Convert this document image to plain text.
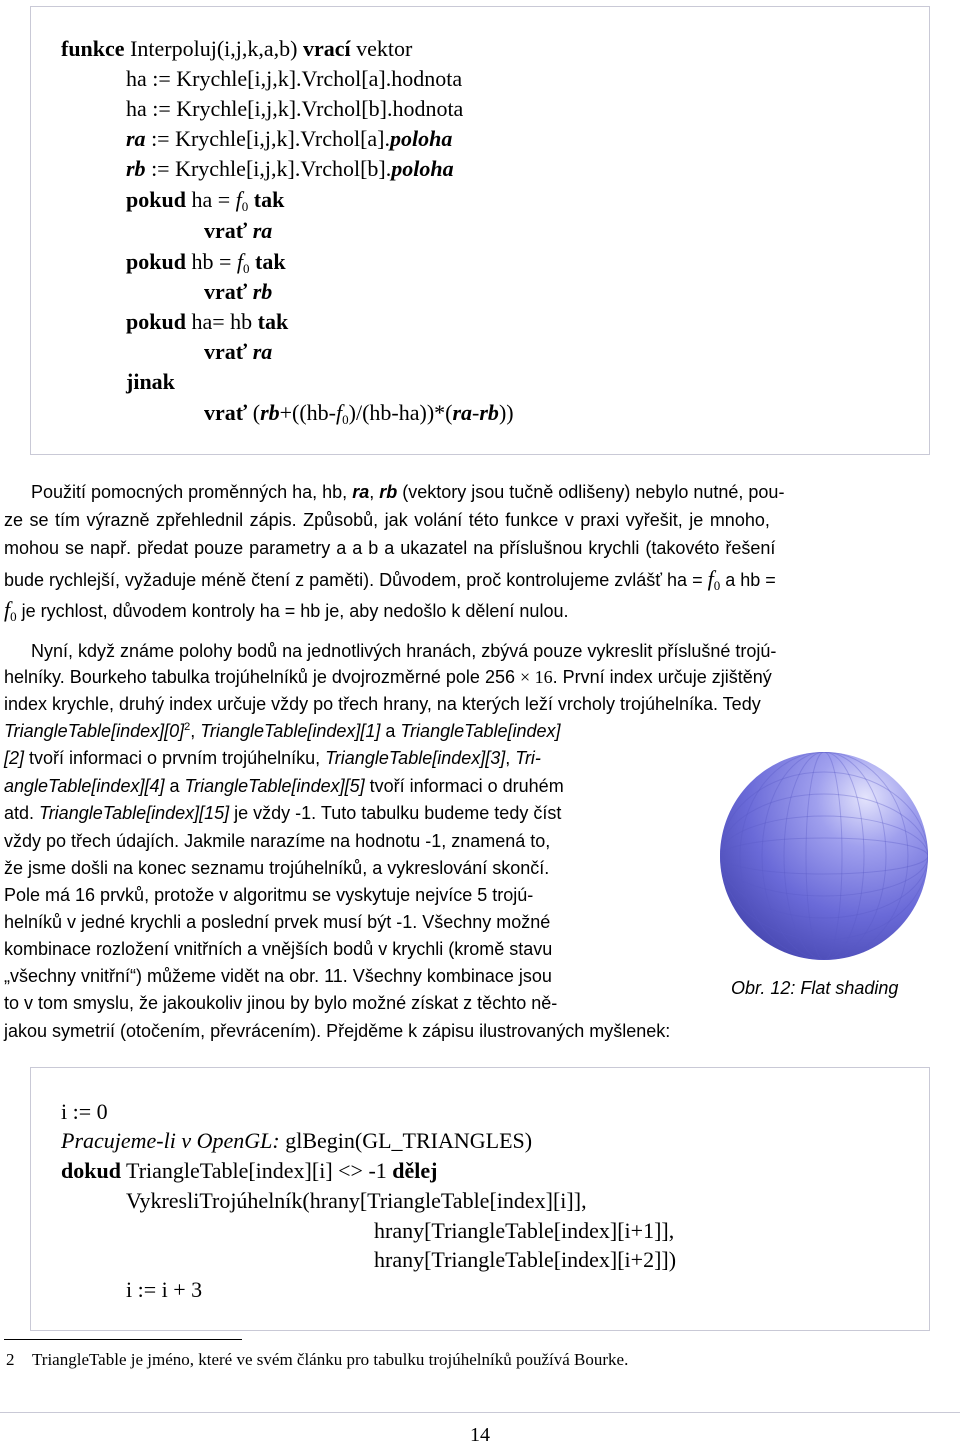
funkce Interpoluj(i,j,k,a,b) vrací vektor
ha := Krychle[i,j,k].Vrchol[a].hodnota
ha := Krychle[i,j,k].Vrchol[b].hodnota
ra := Krychle[i,j,k].Vrchol[a].poloha
rb := Krychle[i,j,k].Vrchol[b].poloha
pokud ha = $f_0$ tak
vrať ra
pokud hb = $f_0$ tak
vrať rb
pokud ha= hb tak
vrať ra
jinak
vrať $(rb+((hb-f_0)/(hb-ha))*(ra-rb))$
Použití pomocných proměnných ha, hb, ra, rb (vektory jsou tučně odlišeny) nebylo nutné, pou-
ze se tím výrazně zpřehlednil zápis. Způsobů, jak volání této funkce v praxi vyřešit, je mnoho,
mohou se např. předat pouze parametry a a b a ukazatel na příslušnou krychli (takovéto řešení
bude rychlejší, vyžaduje méně čtení z paměti). Důvodem, proč kontrolujeme zvlášť ha = $f_0$ a hb =
$f_0$ je rychlost, důvodem kontroly ha = hb je, aby nedošlo k dělení nulou.
Nyní, když známe polohy bodů na jednotlivých hranách, zbývá pouze vykreslit příslušné trojú-
helníky. Bourkeho tabulka trojúhelníků je dvojrozměrné pole 256 × 16. První index určuje zjištěný
index krychle, druhý index určuje vždy po třech hrany, na kterých leží vrcholy trojúhelníka. Tedy
$TriangleTable[index][0]^2$, TriangleTable[index][1] a TriangleTable[index]
[2] tvoří informaci o prvním trojúhelníku, TriangleTable[index][3], Tri-
angleTable[index][4] a TriangleTable[index][5] tvoří informaci o druhém
atd. TriangleTable[index][15] je vždy -1. Tuto tabulku budeme tedy číst
vždy po třech údajích. Jakmile narazíme na hodnotu -1, znamená to,
že jsme došli na konec seznamu trojúhelníků, a vykreslování skončí.
Pole má 16 prvků, protože v algoritmu se vyskytuje nejvíce 5 trojú-
helníků v jedné krychli a poslední prvek musí být -1. Všechny možné
kombinace rozložení vnitřních a vnějších bodů v krychli (kromě stavu
„všechny vnitřní“) můžeme vidět na obr. 11. Všechny kombinace jsou
to v tom smyslu, že jakoukoliv jinou by bylo možné získat z těchto ně-
jakou symetrií (otočením, převrácením). Přejděme k zápisu ilustrovaných myšlenek:
Obr. 12: Flat shading
i := 0
Pracujeme-li v OpenGL: glBegin(GL_TRIANGLES)
dokud TriangleTable[index][i] <> -1 dělej
VykresliTrojúhelník(hrany[TriangleTable[index][i]],
hrany[TriangleTable[index][i+1]],
hrany[TriangleTable[index][i+2]])
i := i + 3
2 TriangleTable je jméno, které ve svém článku pro tabulku trojúhelníků používá Bourke.
14
